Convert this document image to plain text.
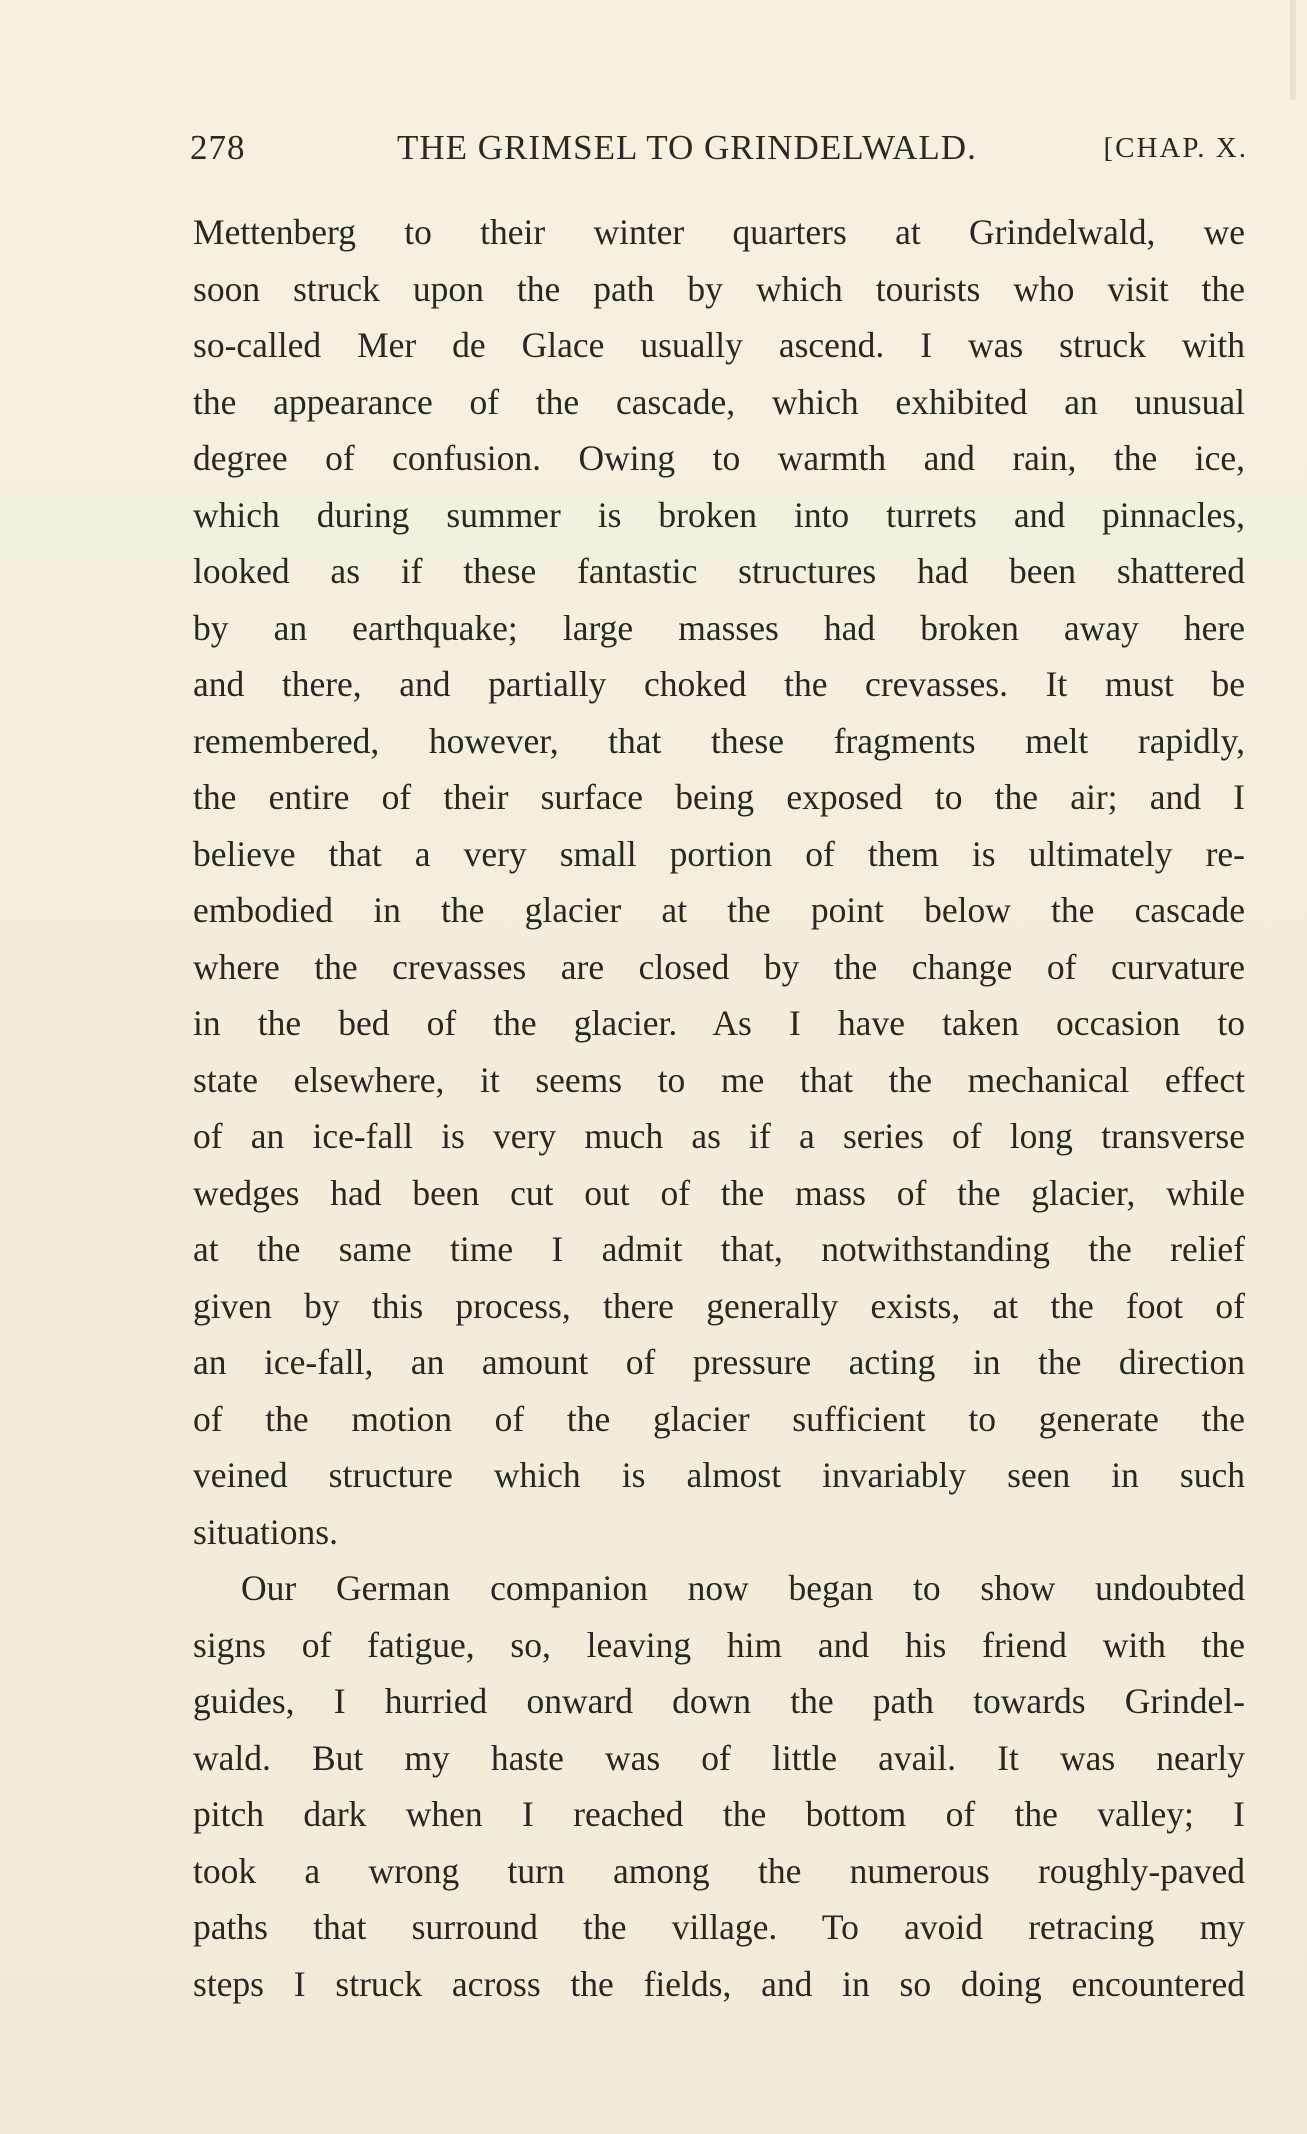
278	THE GRIMSEL TO GRINDELWALD.	[CHAP. X.
Mettenberg to their winter quarters at Grindelwald, we
soon struck upon the path by which tourists who visit the
so-called Mer de Glace usually ascend. I was struck with
the appearance of the cascade, which exhibited an unusual
degree of confusion. Owing to warmth and rain, the ice,
which during summer is broken into turrets and pinnacles,
looked as if these fantastic structures had been shattered
by an earthquake; large masses had broken away here
and there, and partially choked the crevasses. It must be
remembered, however, that these fragments melt rapidly,
the entire of their surface being exposed to the air; and I
believe that a very small portion of them is ultimately re-
embodied in the glacier at the point below the cascade
where the crevasses are closed by the change of curvature
in the bed of the glacier. As I have taken occasion to
state elsewhere, it seems to me that the mechanical effect
of an ice-fall is very much as if a series of long transverse
wedges had been cut out of the mass of the glacier, while
at the same time I admit that, notwithstanding the relief
given by this process, there generally exists, at the foot of
an ice-fall, an amount of pressure acting in the direction
of the motion of the glacier sufficient to generate the
veined structure which is almost invariably seen in such
situations.
Our German companion now began to show undoubted
signs of fatigue, so, leaving him and his friend with the
guides, I hurried onward down the path towards Grindel-
wald. But my haste was of little avail. It was nearly
pitch dark when I reached the bottom of the valley; I
took a wrong turn among the numerous roughly-paved
paths that surround the village. To avoid retracing my
steps I struck across the fields, and in so doing encountered
